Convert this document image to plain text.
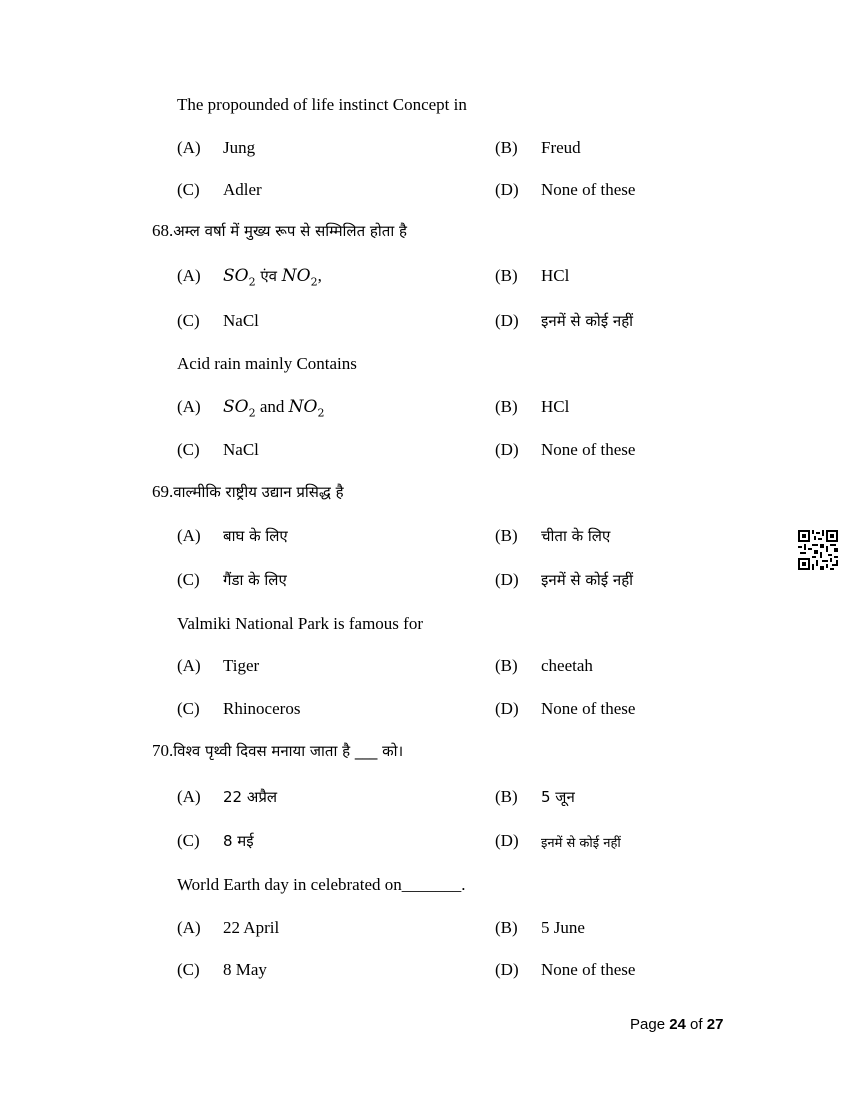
The propounded of life instinct Concept in
(A) Jung	(B) Freud
(C) Adler	(D) None of these
68.अम्ल वर्षा में मुख्य रूप से सम्मिलित होता है
(A) $SO_2$ एंव $NO_2$,	(B) HCl
(C) NaCl	(D) इनमें से कोई नहीं
Acid rain mainly Contains
(A) $SO_2$ and $NO_2$	(B) HCl
(C) NaCl	(D) None of these
69.वाल्मीकि राष्ट्रीय उद्यान प्रसिद्ध है
(A) बाघ के लिए	(B) चीता के लिए
(C) गैंडा के लिए	(D) इनमें से कोई नहीं
Valmiki National Park is famous for
(A) Tiger	(B) cheetah
(C) Rhinoceros	(D) None of these
70.विश्व पृथ्वी दिवस मनाया जाता है ___ को।
(A) 22 अप्रैल	(B) 5 जून
(C) 8 मई	(D) इनमें से कोई नहीं
World Earth day in celebrated on_______.
(A) 22 April	(B) 5 June
(C) 8 May	(D) None of these
Page 24 of 27
